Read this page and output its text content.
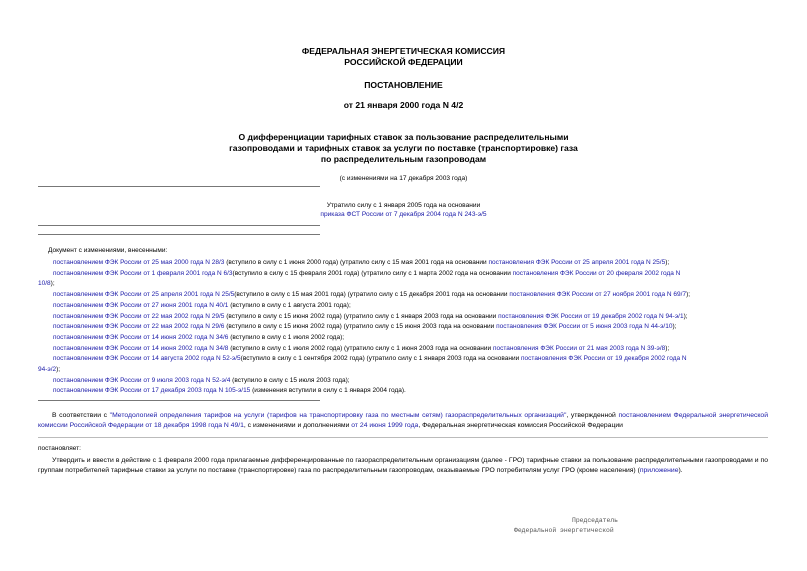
ФЕДЕРАЛЬНАЯ ЭНЕРГЕТИЧЕСКАЯ КОМИССИЯ
РОССИЙСКОЙ ФЕДЕРАЦИИ
ПОСТАНОВЛЕНИЕ
от 21 января 2000 года N 4/2
О дифференциации тарифных ставок за пользование распределительными
газопроводами и тарифных ставок за услуги по поставке (транспортировке) газа
по распределительным газопроводам
(с изменениями на 17 декабря 2003 года)
Утратило силу с 1 января 2005 года на основании
приказа ФСТ России от 7 декабря 2004 года N 243-э/5
Документ с изменениями, внесенными:
постановлением ФЭК России от 25 мая 2000 года N 28/3 (вступило в силу с 1 июня 2000 года) (утратило силу с 15 мая 2001 года на основании постановления ФЭК России от 25 апреля 2001 года N 25/5);
постановлением ФЭК России от 1 февраля 2001 года N 6/3(вступило в силу с 15 февраля 2001 года) (утратило силу с 1 марта 2002 года на основании постановления ФЭК России от 20 февраля 2002 года N
10/8);
постановлением ФЭК России от 25 апреля 2001 года N 25/5(вступило в силу с 15 мая 2001 года) (утратило силу с 15 декабря 2001 года на основании постановления ФЭК России от 27 ноября 2001 года N 69/7);
постановлением ФЭК России от 27 июня 2001 года N 40/1 (вступило в силу с 1 августа 2001 года);
постановлением ФЭК России от 22 мая 2002 года N 29/5 (вступило в силу с 15 июня 2002 года) (утратило силу с 1 января 2003 года на основании постановления ФЭК России от 19 декабря 2002 года N 94-э/1);
постановлением ФЭК России от 22 мая 2002 года N 29/6 (вступило в силу с 15 июня 2002 года) (утратило силу с 15 июня 2003 года на основании постановления ФЭК России от 5 июня 2003 года N 44-э/10);
постановлением ФЭК России от 14 июня 2002 года N 34/6 (вступило в силу с 1 июля 2002 года);
постановлением ФЭК России от 14 июня 2002 года N 34/8 (вступило в силу с 1 июля 2002 года) (утратило силу с 1 июня 2003 года на основании постановления ФЭК России от 21 мая 2003 года N 39-э/8);
постановлением ФЭК России от 14 августа 2002 года N 52-э/5(вступило в силу с 1 сентября 2002 года) (утратило силу с 1 января 2003 года на основании постановления ФЭК России от 19 декабря 2002 года N
94-э/2);
постановлением ФЭК России от 9 июля 2003 года N 52-э/4 (вступило в силу с 15 июля 2003 года);
постановлением ФЭК России от 17 декабря 2003 года N 105-э/15 (изменения вступили в силу с 1 января 2004 года).
В соответствии с "Методологией определения тарифов на услуги (тарифов на транспортировку газа по местным сетям) газораспределительных организаций", утвержденной постановлением Федеральной энергетической комиссии Российской Федерации от 18 декабря 1998 года N 49/1, с изменениями и дополнениями от 24 июня 1999 года, Федеральная энергетическая комиссия Российской Федерации
постановляет:
Утвердить и ввести в действие с 1 февраля 2000 года прилагаемые дифференцированные по газораспределительным организациям (далее - ГРО) тарифные ставки за пользование распределительными газопроводами и по группам потребителей тарифные ставки за услуги по поставке (транспортировке) газа по распределительным газопроводам, оказываемые ГРО потребителям услуг ГРО (кроме населения) (приложение).
Председатель
Федеральной энергетической
